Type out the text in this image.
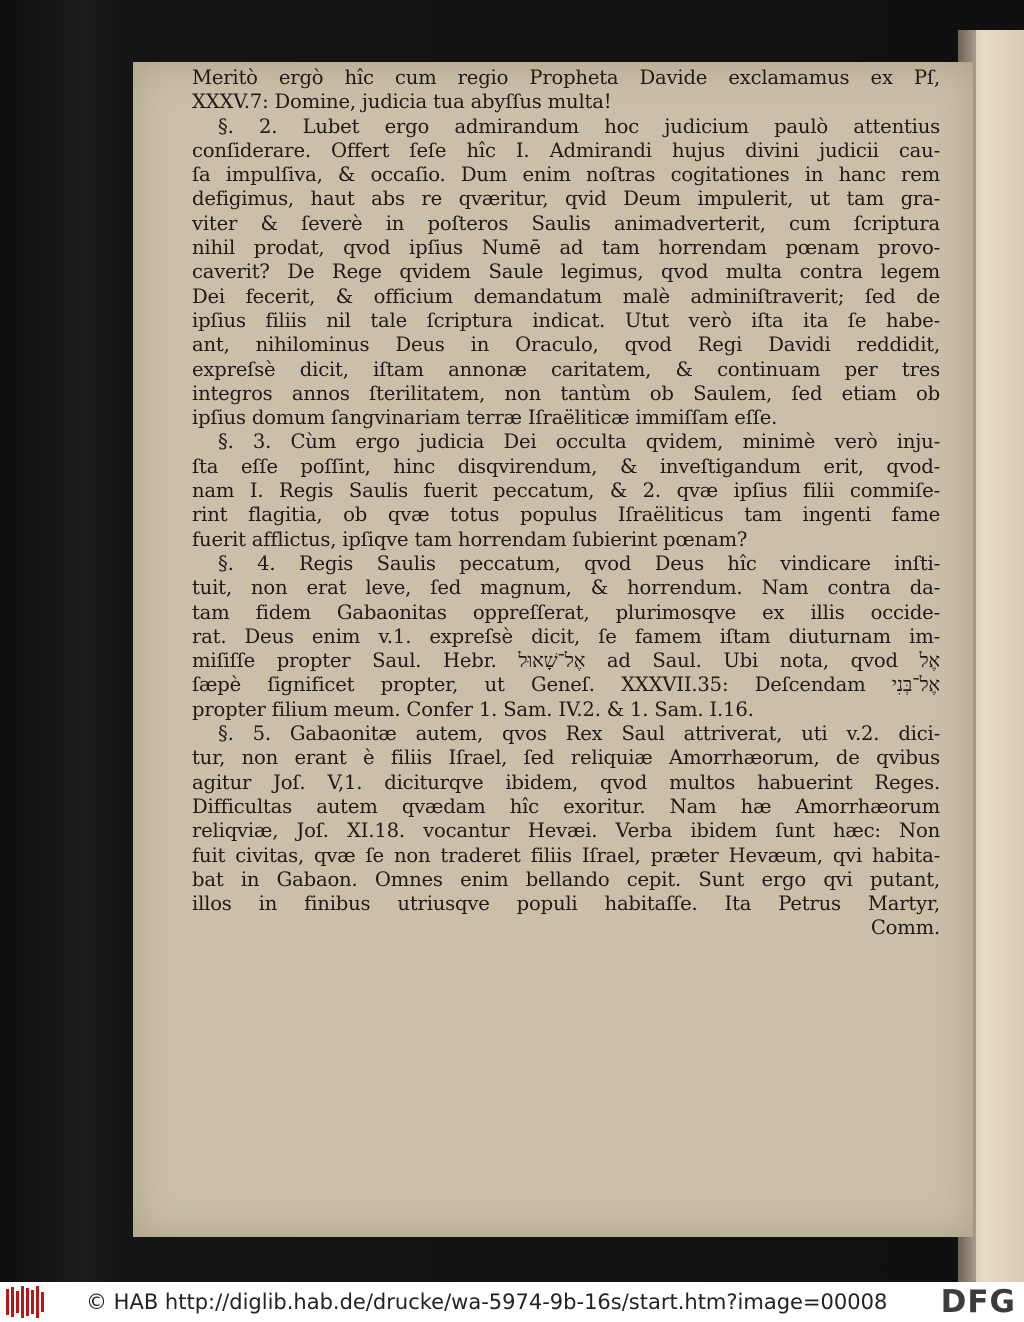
Meritò ergò hîc cum regio Propheta Davide exclamamus ex Pſ,
XXXV.7: Domine, judicia tua abyſſus multa!
§. 2. Lubet ergo admirandum hoc judicium paulò attentius
conſiderare. Offert ſeſe hîc I. Admirandi hujus divini judicii cau-
ſa impulſiva, & occaſio. Dum enim noſtras cogitationes in hanc rem
defigimus, haut abs re qværitur, qvid Deum impulerit, ut tam gra-
viter & ſeverè in poſteros Saulis animadverterit, cum ſcriptura
nihil prodat, qvod ipſius Numē ad tam horrendam pœnam provo-
caverit? De Rege qvidem Saule legimus, qvod multa contra legem
Dei fecerit, & officium demandatum malè adminiſtraverit; ſed de
ipſius filiis nil tale ſcriptura indicat. Utut verò iſta ita ſe habe-
ant, nihilominus Deus in Oraculo, qvod Regi Davidi reddidit,
expreſsè dicit, iſtam annonæ caritatem, & continuam per tres
integros annos ſterilitatem, non tantùm ob Saulem, ſed etiam ob
ipſius domum ſangvinariam terræ Iſraëliticæ immiſſam eſſe.
§. 3. Cùm ergo judicia Dei occulta qvidem, minimè verò inju-
ſta eſſe poſſint, hinc disqvirendum, & inveſtigandum erit, qvod-
nam I. Regis Saulis fuerit peccatum, & 2. qvæ ipſius filii commiſe-
rint flagitia, ob qvæ totus populus Iſraëliticus tam ingenti fame
fuerit afflictus, ipſiqve tam horrendam ſubierint pœnam?
§. 4. Regis Saulis peccatum, qvod Deus hîc vindicare inſti-
tuit, non erat leve, ſed magnum, & horrendum. Nam contra da-
tam fidem Gabaonitas oppreſſerat, plurimosqve ex illis occide-
rat. Deus enim v.1. expreſsè dicit, ſe famem iſtam diuturnam im-
miſiſſe propter Saul. Hebr. אֶל־שָׁאוּל ad Saul. Ubi nota, qvod אֶל
ſæpè ſignificet propter, ut Geneſ. XXXVII.35: Deſcendam אֶל־בְּנִי
propter filium meum. Confer 1. Sam. IV.2. & 1. Sam. I.16.
§. 5. Gabaonitæ autem, qvos Rex Saul attriverat, uti v.2. dici-
tur, non erant è filiis Iſrael, ſed reliquiæ Amorrhæorum, de qvibus
agitur Joſ. V,1. diciturqve ibidem, qvod multos habuerint Reges.
Difficultas autem qvædam hîc exoritur. Nam hæ Amorrhæorum
reliqviæ, Joſ. XI.18. vocantur Hevæi. Verba ibidem ſunt hæc: Non
fuit civitas, qvæ ſe non traderet filiis Iſrael, præter Hevæum, qvi habita-
bat in Gabaon. Omnes enim bellando cepit. Sunt ergo qvi putant,
illos in finibus utriusqve populi habitaſſe. Ita Petrus Martyr,
Comm.
© HAB http://diglib.hab.de/drucke/wa-5974-9b-16s/start.htm?image=00008 DFG
